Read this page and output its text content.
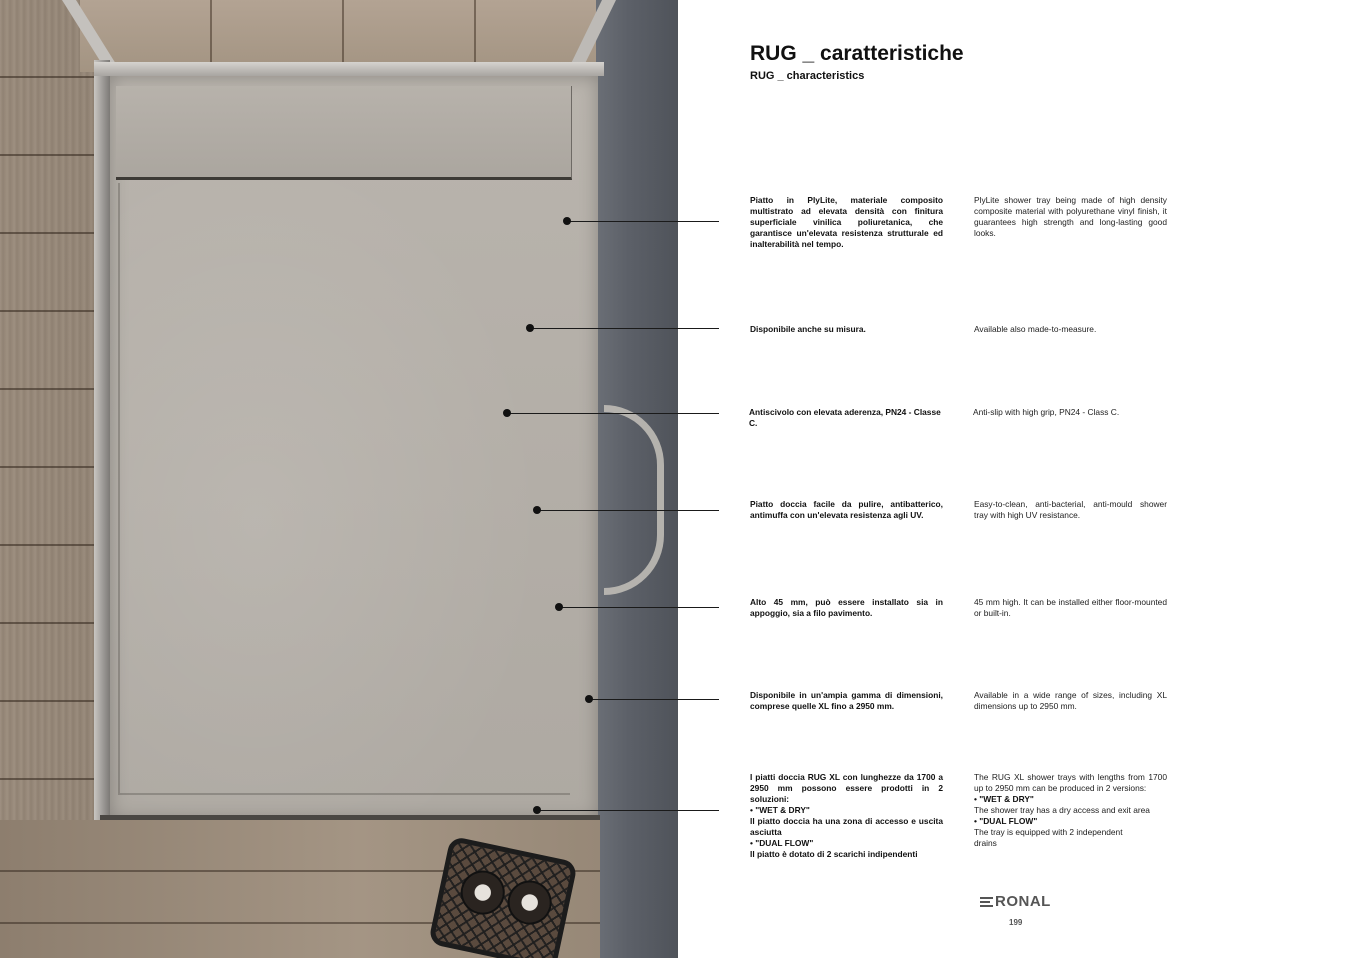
RUG _ caratteristiche
RUG _ characteristics
Piatto in PlyLite, materiale composito multistrato ad elevata densità con finitura superficiale vinilica poliuretanica, che garantisce un'elevata resistenza strutturale ed inalterabilità nel tempo.
PlyLite shower tray being made of high density composite material with polyurethane vinyl finish, it guarantees high strength and long-lasting good looks.
Disponibile anche su misura.	Available also made-to-measure.
Antiscivolo con elevata aderenza, PN24 - Classe C.
Anti-slip with high grip, PN24 - Class C.
Piatto doccia facile da pulire, antibatterico, antimuffa con un'elevata resistenza agli UV.
Easy-to-clean, anti-bacterial, anti-mould shower tray with high UV resistance.
Alto 45 mm, può essere installato sia in appoggio, sia a filo pavimento.
45 mm high. It can be installed either floor-mounted or built-in.
Disponibile in un'ampia gamma di dimensioni, comprese quelle XL fino a 2950 mm.
Available in a wide range of sizes, including XL dimensions up to 2950 mm.
I piatti doccia RUG XL con lunghezze da 1700 a 2950 mm possono essere prodotti in 2 soluzioni:
• "WET & DRY"
Il piatto doccia ha una zona di accesso e uscita asciutta
• "DUAL FLOW"
Il piatto è dotato di 2 scarichi indipendenti
The RUG XL shower trays with lengths from 1700 up to 2950 mm can be produced in 2 versions:
• "WET & DRY"
The shower tray has a dry access and exit area
• "DUAL FLOW"
The tray is equipped with 2 independent drains
RONAL
199
